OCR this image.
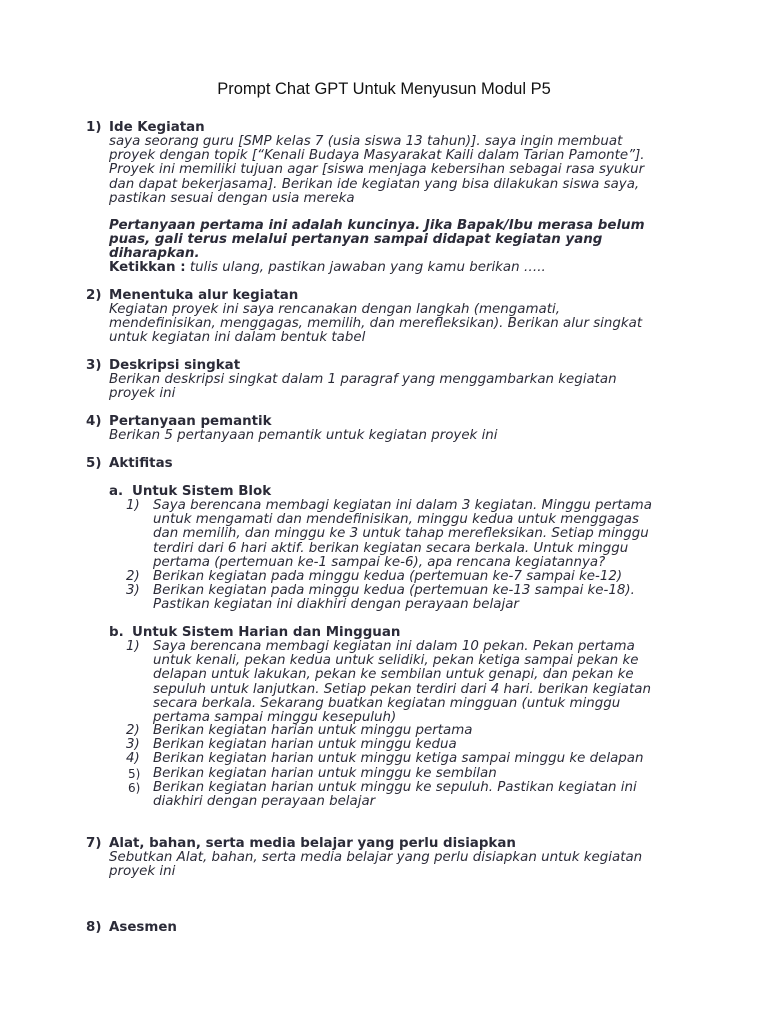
Prompt Chat GPT Untuk Menyusun Modul P5
1) Ide Kegiatan
saya seorang guru [SMP kelas 7 (usia siswa 13 tahun)]. saya ingin membuat
proyek dengan topik [“Kenali Budaya Masyarakat Kaili dalam Tarian Pamonte”].
Proyek ini memiliki tujuan agar [siswa menjaga kebersihan sebagai rasa syukur
dan dapat bekerjasama]. Berikan ide kegiatan yang bisa dilakukan siswa saya,
pastikan sesuai dengan usia mereka
Pertanyaan pertama ini adalah kuncinya. Jika Bapak/Ibu merasa belum
puas, gali terus melalui pertanyan sampai didapat kegiatan yang
diharapkan.
Ketikkan : tulis ulang, pastikan jawaban yang kamu berikan …..
2) Menentuka alur kegiatan
Kegiatan proyek ini saya rencanakan dengan langkah (mengamati,
mendefinisikan, menggagas, memilih, dan merefleksikan). Berikan alur singkat
untuk kegiatan ini dalam bentuk tabel
3) Deskripsi singkat
Berikan deskripsi singkat dalam 1 paragraf yang menggambarkan kegiatan
proyek ini
4) Pertanyaan pemantik
Berikan 5 pertanyaan pemantik untuk kegiatan proyek ini
5) Aktifitas
a. Untuk Sistem Blok
1) Saya berencana membagi kegiatan ini dalam 3 kegiatan. Minggu pertama
untuk mengamati dan mendefinisikan, minggu kedua untuk menggagas
dan memilih, dan minggu ke 3 untuk tahap merefleksikan. Setiap minggu
terdiri dari 6 hari aktif. berikan kegiatan secara berkala. Untuk minggu
pertama (pertemuan ke-1 sampai ke-6), apa rencana kegiatannya?
2) Berikan kegiatan pada minggu kedua (pertemuan ke-7 sampai ke-12)
3) Berikan kegiatan pada minggu kedua (pertemuan ke-13 sampai ke-18).
Pastikan kegiatan ini diakhiri dengan perayaan belajar
b. Untuk Sistem Harian dan Mingguan
1) Saya berencana membagi kegiatan ini dalam 10 pekan. Pekan pertama
untuk kenali, pekan kedua untuk selidiki, pekan ketiga sampai pekan ke
delapan untuk lakukan, pekan ke sembilan untuk genapi, dan pekan ke
sepuluh untuk lanjutkan. Setiap pekan terdiri dari 4 hari. berikan kegiatan
secara berkala. Sekarang buatkan kegiatan mingguan (untuk minggu
pertama sampai minggu kesepuluh)
2) Berikan kegiatan harian untuk minggu pertama
3) Berikan kegiatan harian untuk minggu kedua
4) Berikan kegiatan harian untuk minggu ketiga sampai minggu ke delapan
5) Berikan kegiatan harian untuk minggu ke sembilan
6) Berikan kegiatan harian untuk minggu ke sepuluh. Pastikan kegiatan ini
diakhiri dengan perayaan belajar
7) Alat, bahan, serta media belajar yang perlu disiapkan
Sebutkan Alat, bahan, serta media belajar yang perlu disiapkan untuk kegiatan
proyek ini
8) Asesmen
